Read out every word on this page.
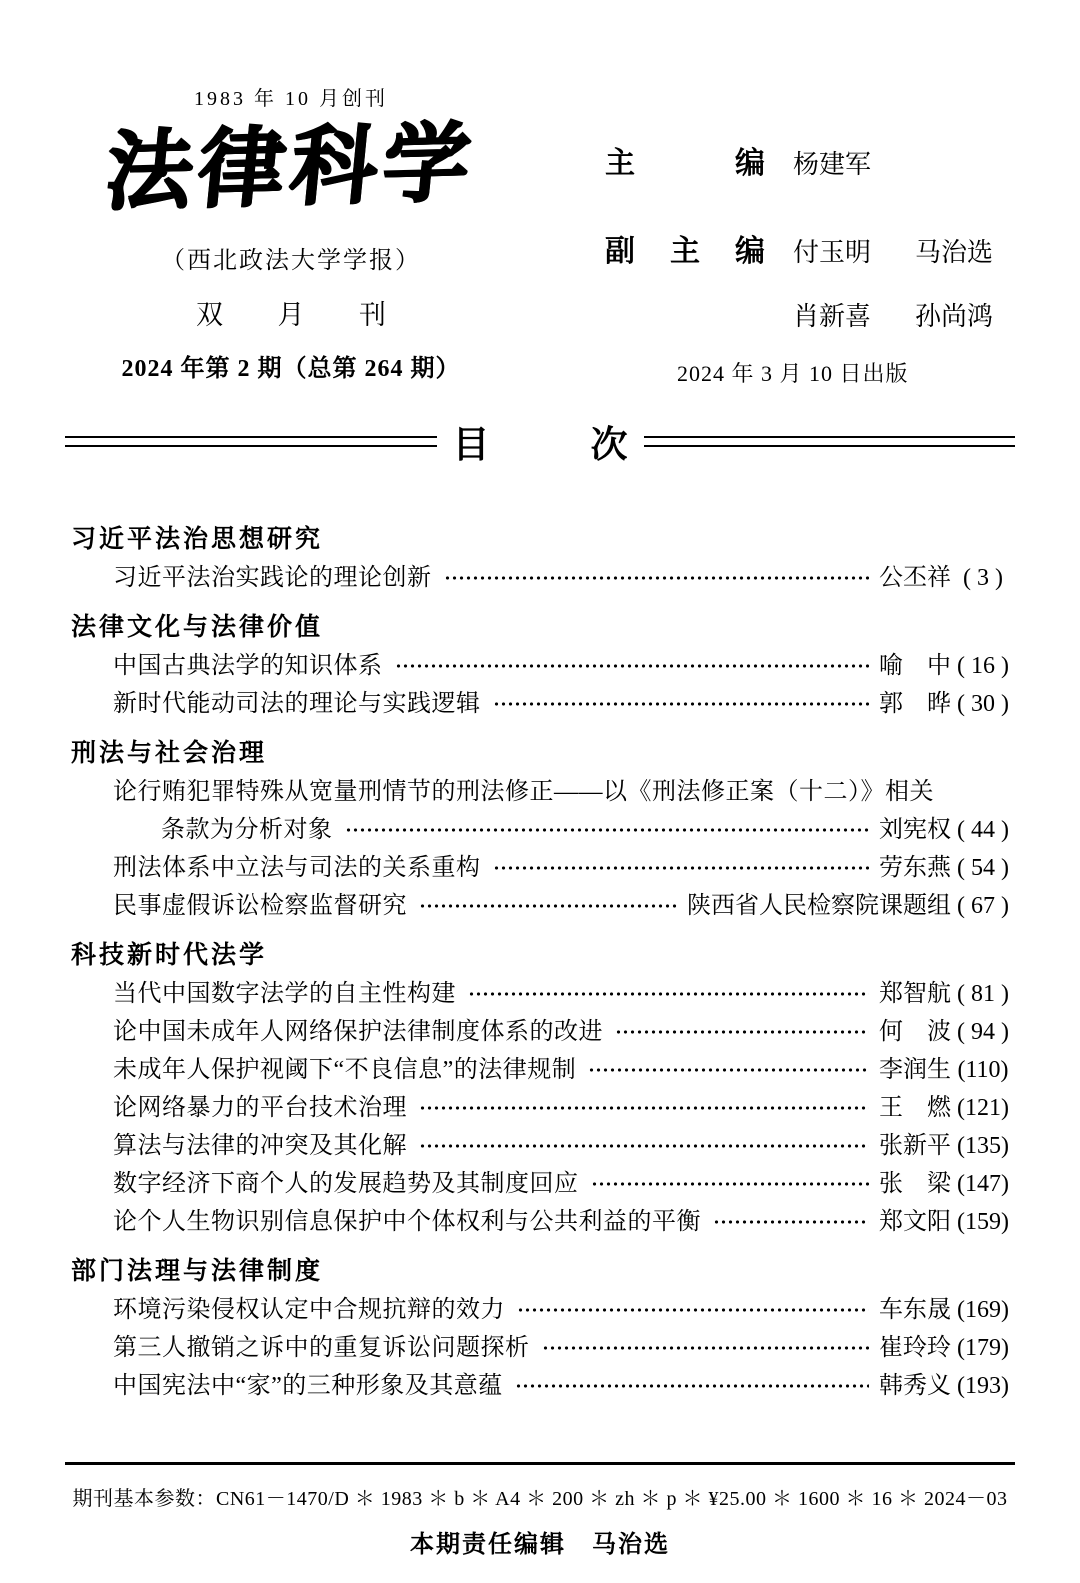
1983 年 10 月创刊
法律科学
（西北政法大学学报）
双月刊
2024 年第 2 期（总第 264 期）
主编 杨建军
副主编 付玉明 马治选
肖新喜 孙尚鸿
2024 年 3 月 10 日出版
目次
习近平法治思想研究
习近平法治实践论的理论创新	公丕祥 ( 3 )
法律文化与法律价值
中国古典法学的知识体系	喻　中 ( 16 )
新时代能动司法的理论与实践逻辑	郭　晔 ( 30 )
刑法与社会治理
论行贿犯罪特殊从宽量刑情节的刑法修正——以《刑法修正案（十二）》相关
条款为分析对象	刘宪权 ( 44 )
刑法体系中立法与司法的关系重构	劳东燕 ( 54 )
民事虚假诉讼检察监督研究	陕西省人民检察院课题组 ( 67 )
科技新时代法学
当代中国数字法学的自主性构建	郑智航 ( 81 )
论中国未成年人网络保护法律制度体系的改进	何　波 ( 94 )
未成年人保护视阈下“不良信息”的法律规制	李润生 (110)
论网络暴力的平台技术治理	王　燃 (121)
算法与法律的冲突及其化解	张新平 (135)
数字经济下商个人的发展趋势及其制度回应	张　梁 (147)
论个人生物识别信息保护中个体权利与公共利益的平衡	郑文阳 (159)
部门法理与法律制度
环境污染侵权认定中合规抗辩的效力	车东晟 (169)
第三人撤销之诉中的重复诉讼问题探析	崔玲玲 (179)
中国宪法中“家”的三种形象及其意蕴	韩秀义 (193)
期刊基本参数：CN61－1470/D ＊ 1983 ＊ b ＊ A4 ＊ 200 ＊ zh ＊ p ＊ ¥25.00 ＊ 1600 ＊ 16 ＊ 2024－03
本期责任编辑　马治选
